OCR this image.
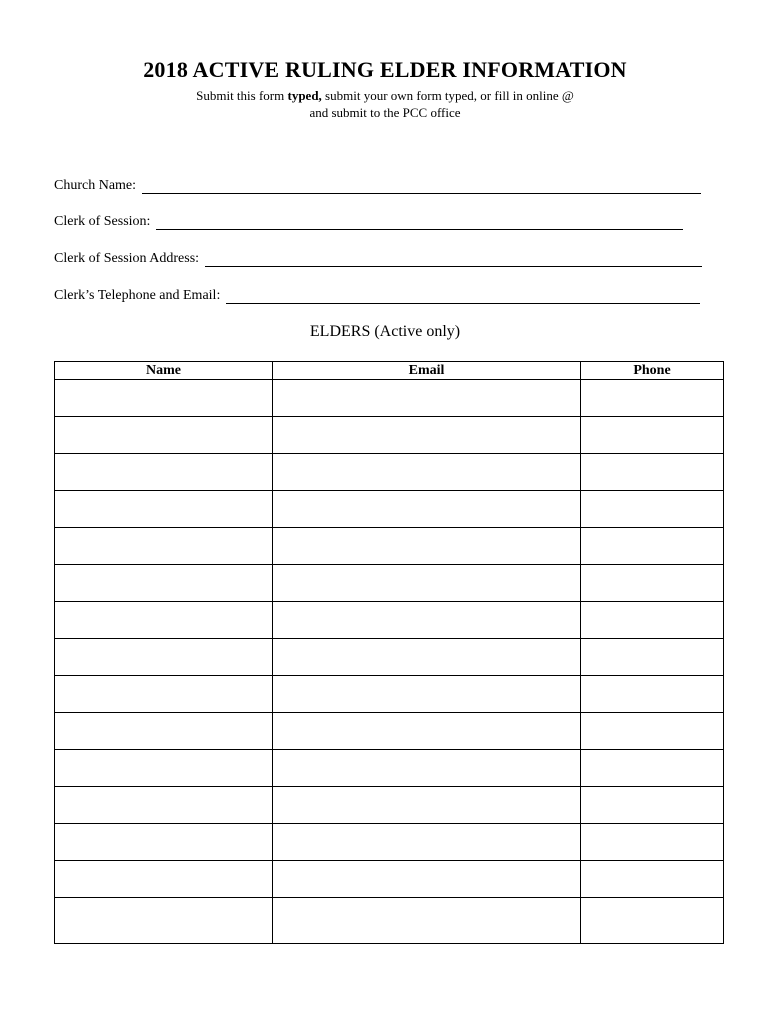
2018 ACTIVE RULING ELDER INFORMATION
Submit this form typed, submit your own form typed, or fill in online @
and submit to the PCC office
Church Name:
Clerk of Session:
Clerk of Session Address:
Clerk’s Telephone and Email:
ELDERS (Active only)
Name	Email	Phone
